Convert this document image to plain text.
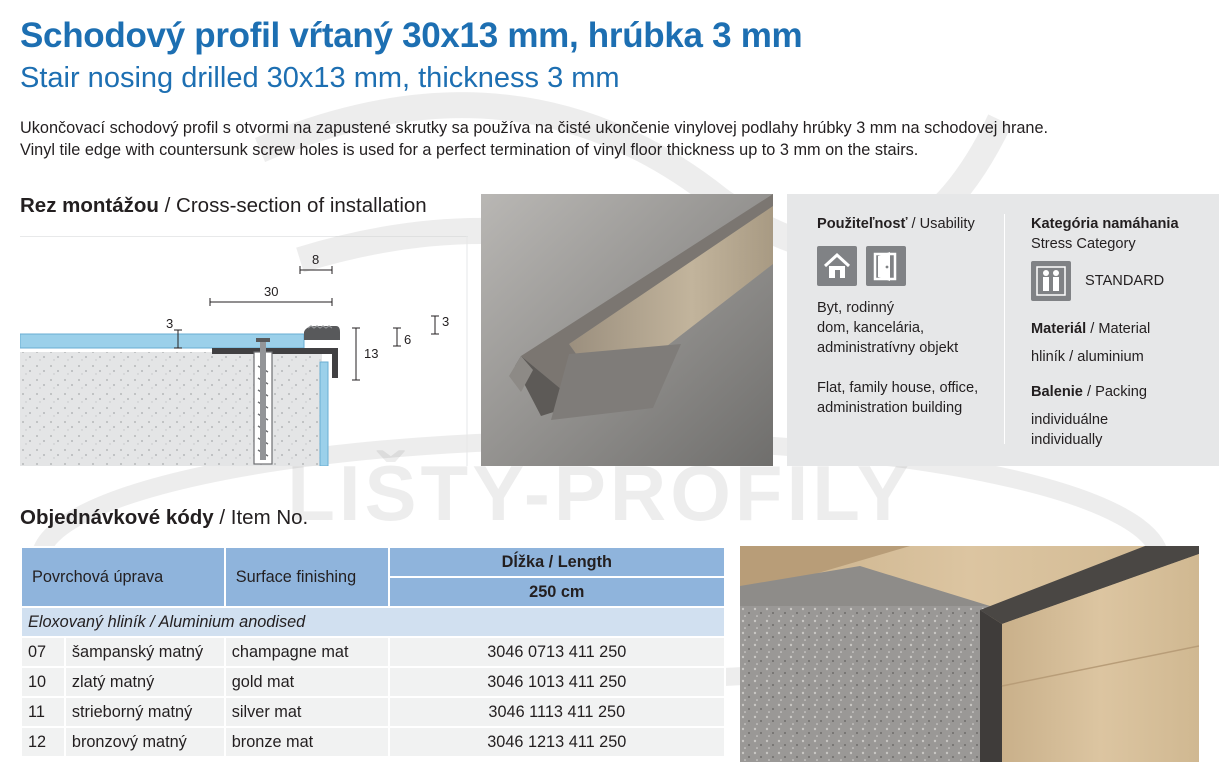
LIŠTY-PROFILY
Schodový profil vŕtaný 30x13 mm, hrúbka 3 mm
Stair nosing drilled 30x13 mm, thickness 3 mm
Ukončovací schodový profil s otvormi na zapustené skrutky sa používa na čisté ukončenie vinylovej podlahy hrúbky 3 mm na schodovej hrane.
Vinyl tile edge with countersunk screw holes is used for a perfect termination of vinyl floor thickness up to 3 mm on the stairs.
Rez montážou / Cross-section of installation
8
30
3
13
6
3
Použiteľnosť / Usability
Byt, rodinný
dom, kancelária,
administratívny objekt
Flat, family house, office,
administration building
Kategória namáhania
Stress Category
STANDARD
Materiál / Material
hliník / aluminium
Balenie / Packing
individuálne
individually
Objednávkové kódy / Item No.
Povrchová úprava		Surface finishing	Dĺžka / Length
			250 cm
Eloxovaný hliník / Aluminium anodised			
07	šampanský matný	champagne mat	3046 0713 411 250
10	zlatý matný	gold mat	3046 1013 411 250
11	strieborný matný	silver mat	3046 1113 411 250
12	bronzový matný	bronze mat	3046 1213 411 250
